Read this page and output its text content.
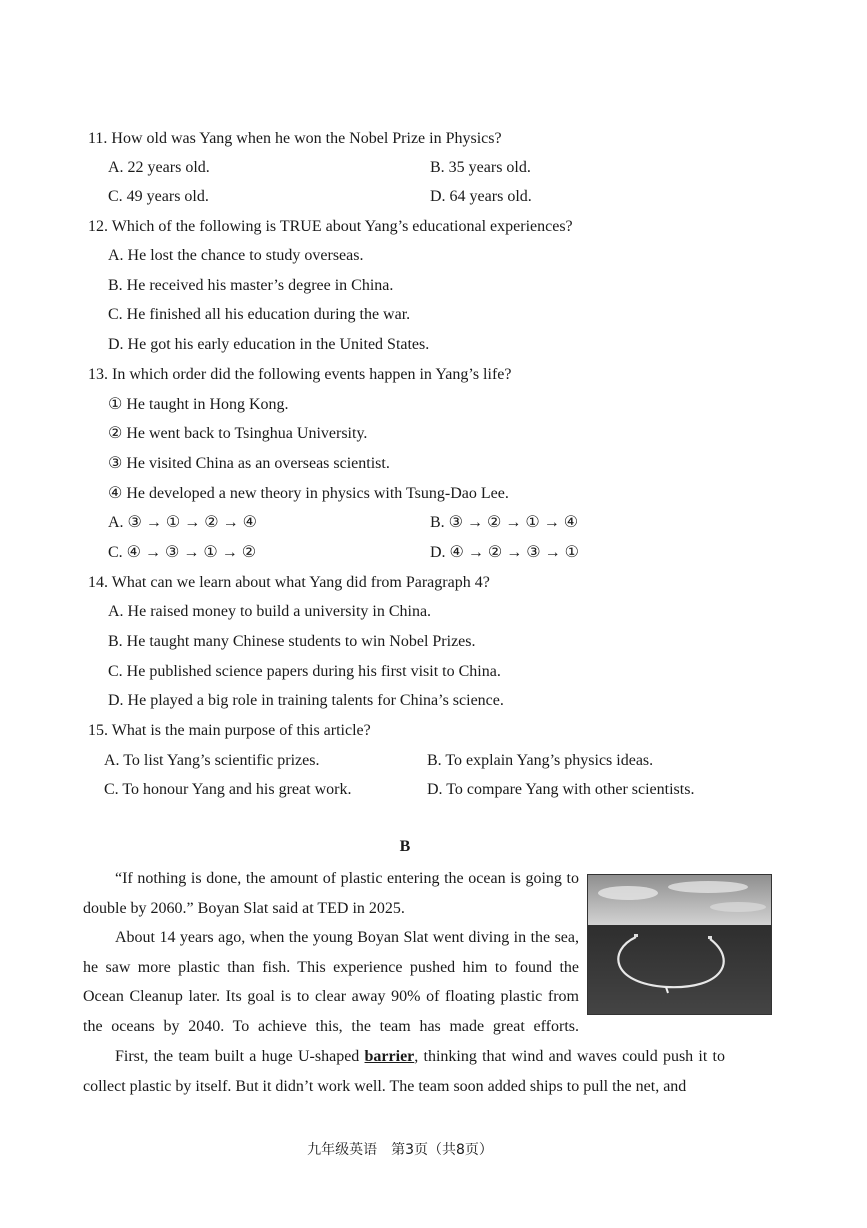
11. How old was Yang when he won the Nobel Prize in Physics?
A. 22 years old.	B. 35 years old.
C. 49 years old.	D. 64 years old.
12. Which of the following is TRUE about Yang’s educational experiences?
A. He lost the chance to study overseas.
B. He received his master’s degree in China.
C. He finished all his education during the war.
D. He got his early education in the United States.
13. In which order did the following events happen in Yang’s life?
① He taught in Hong Kong.
② He went back to Tsinghua University.
③ He visited China as an overseas scientist.
④ He developed a new theory in physics with Tsung-Dao Lee.
A. ③ → ① → ② → ④	B. ③ → ② → ① → ④
C. ④ → ③ → ① → ②	D. ④ → ② → ③ → ①
14. What can we learn about what Yang did from Paragraph 4?
A. He raised money to build a university in China.
B. He taught many Chinese students to win Nobel Prizes.
C. He published science papers during his first visit to China.
D. He played a big role in training talents for China’s science.
15. What is the main purpose of this article?
A. To list Yang’s scientific prizes.	B. To explain Yang’s physics ideas.
C. To honour Yang and his great work.	D. To compare Yang with other scientists.
B
“If nothing is done, the amount of plastic entering the ocean is going to double by 2060.” Boyan Slat said at TED in 2025.
About 14 years ago, when the young Boyan Slat went diving in the sea, he saw more plastic than fish. This experience pushed him to found the Ocean Cleanup later. Its goal is to clear away 90% of floating plastic from the oceans by 2040. To achieve this, the team has made great efforts.
First, the team built a huge U-shaped barrier, thinking that wind and waves could push it to collect plastic by itself. But it didn’t work well. The team soon added ships to pull the net, and
九年级英语　第3页（共8页）
